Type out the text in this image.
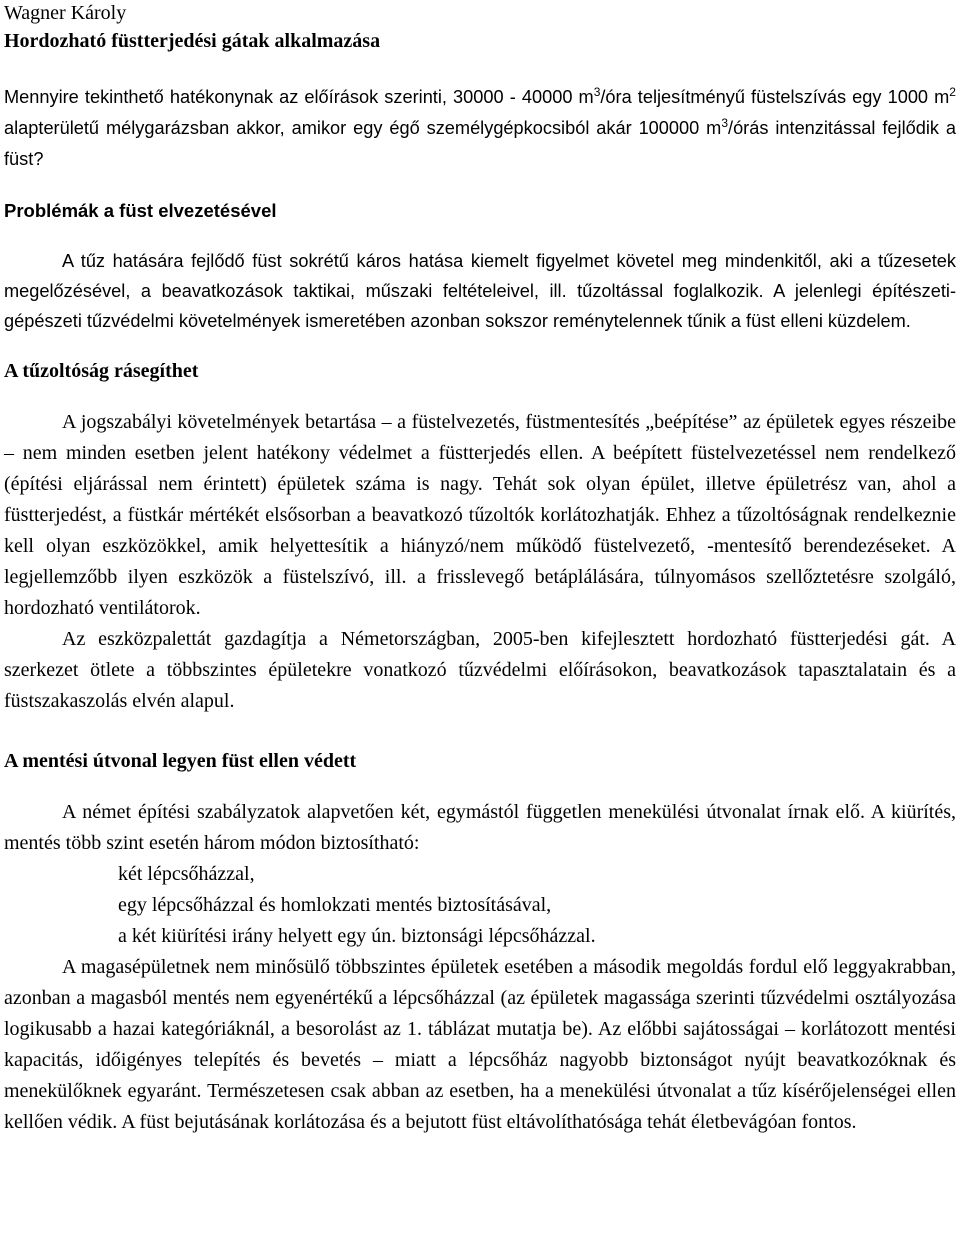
Wagner Károly
Hordozható füstterjedési gátak alkalmazása

Mennyire tekinthető hatékonynak az előírások szerinti, 30000 - 40000 $m^3$/óra teljesítményű füstelszívás egy 1000 $m^2$ alapterületű mélygarázsban akkor, amikor egy égő személygépkocsiból akár 100000 $m^3$/órás intenzitással fejlődik a füst?

Problémák a füst elvezetésével

A tűz hatására fejlődő füst sokrétű káros hatása kiemelt figyelmet követel meg mindenkitől, aki a tűzesetek megelőzésével, a beavatkozások taktikai, műszaki feltételeivel, ill. tűzoltással foglalkozik. A jelenlegi építészeti-gépészeti tűzvédelmi követelmények ismeretében azonban sokszor reménytelennek tűnik a füst elleni küzdelem.

A tűzoltóság rásegíthet

A jogszabályi követelmények betartása – a füstelvezetés, füstmentesítés „beépítése” az épületek egyes részeibe – nem minden esetben jelent hatékony védelmet a füstterjedés ellen. A beépített füstelvezetéssel nem rendelkező (építési eljárással nem érintett) épületek száma is nagy. Tehát sok olyan épület, illetve épületrész van, ahol a füstterjedést, a füstkár mértékét elsősorban a beavatkozó tűzoltók korlátozhatják. Ehhez a tűzoltóságnak rendelkeznie kell olyan eszközökkel, amik helyettesítik a hiányzó/nem működő füstelvezető, -mentesítő berendezéseket. A legjellemzőbb ilyen eszközök a füstelszívó, ill. a frisslevegő betáplálására, túlnyomásos szellőztetésre szolgáló, hordozható ventilátorok.

Az eszközpalettát gazdagítja a Németországban, 2005-ben kifejlesztett hordozható füstterjedési gát. A szerkezet ötlete a többszintes épületekre vonatkozó tűzvédelmi előírásokon, beavatkozások tapasztalatain és a füstszakaszolás elvén alapul.

A mentési útvonal legyen füst ellen védett

A német építési szabályzatok alapvetően két, egymástól független menekülési útvonalat írnak elő. A kiürítés, mentés több szint esetén három módon biztosítható:

két lépcsőházzal,
egy lépcsőházzal és homlokzati mentés biztosításával,
a két kiürítési irány helyett egy ún. biztonsági lépcsőházzal.

A magasépületnek nem minősülő többszintes épületek esetében a második megoldás fordul elő leggyakrabban, azonban a magasból mentés nem egyenértékű a lépcsőházzal (az épületek magassága szerinti tűzvédelmi osztályozása logikusabb a hazai kategóriáknál, a besorolást az 1. táblázat mutatja be). Az előbbi sajátosságai – korlátozott mentési kapacitás, időigényes telepítés és bevetés – miatt a lépcsőház nagyobb biztonságot nyújt beavatkozóknak és menekülőknek egyaránt. Természetesen csak abban az esetben, ha a menekülési útvonalat a tűz kísérőjelenségei ellen kellően védik. A füst bejutásának korlátozása és a bejutott füst eltávolíthatósága tehát életbevágóan fontos.
